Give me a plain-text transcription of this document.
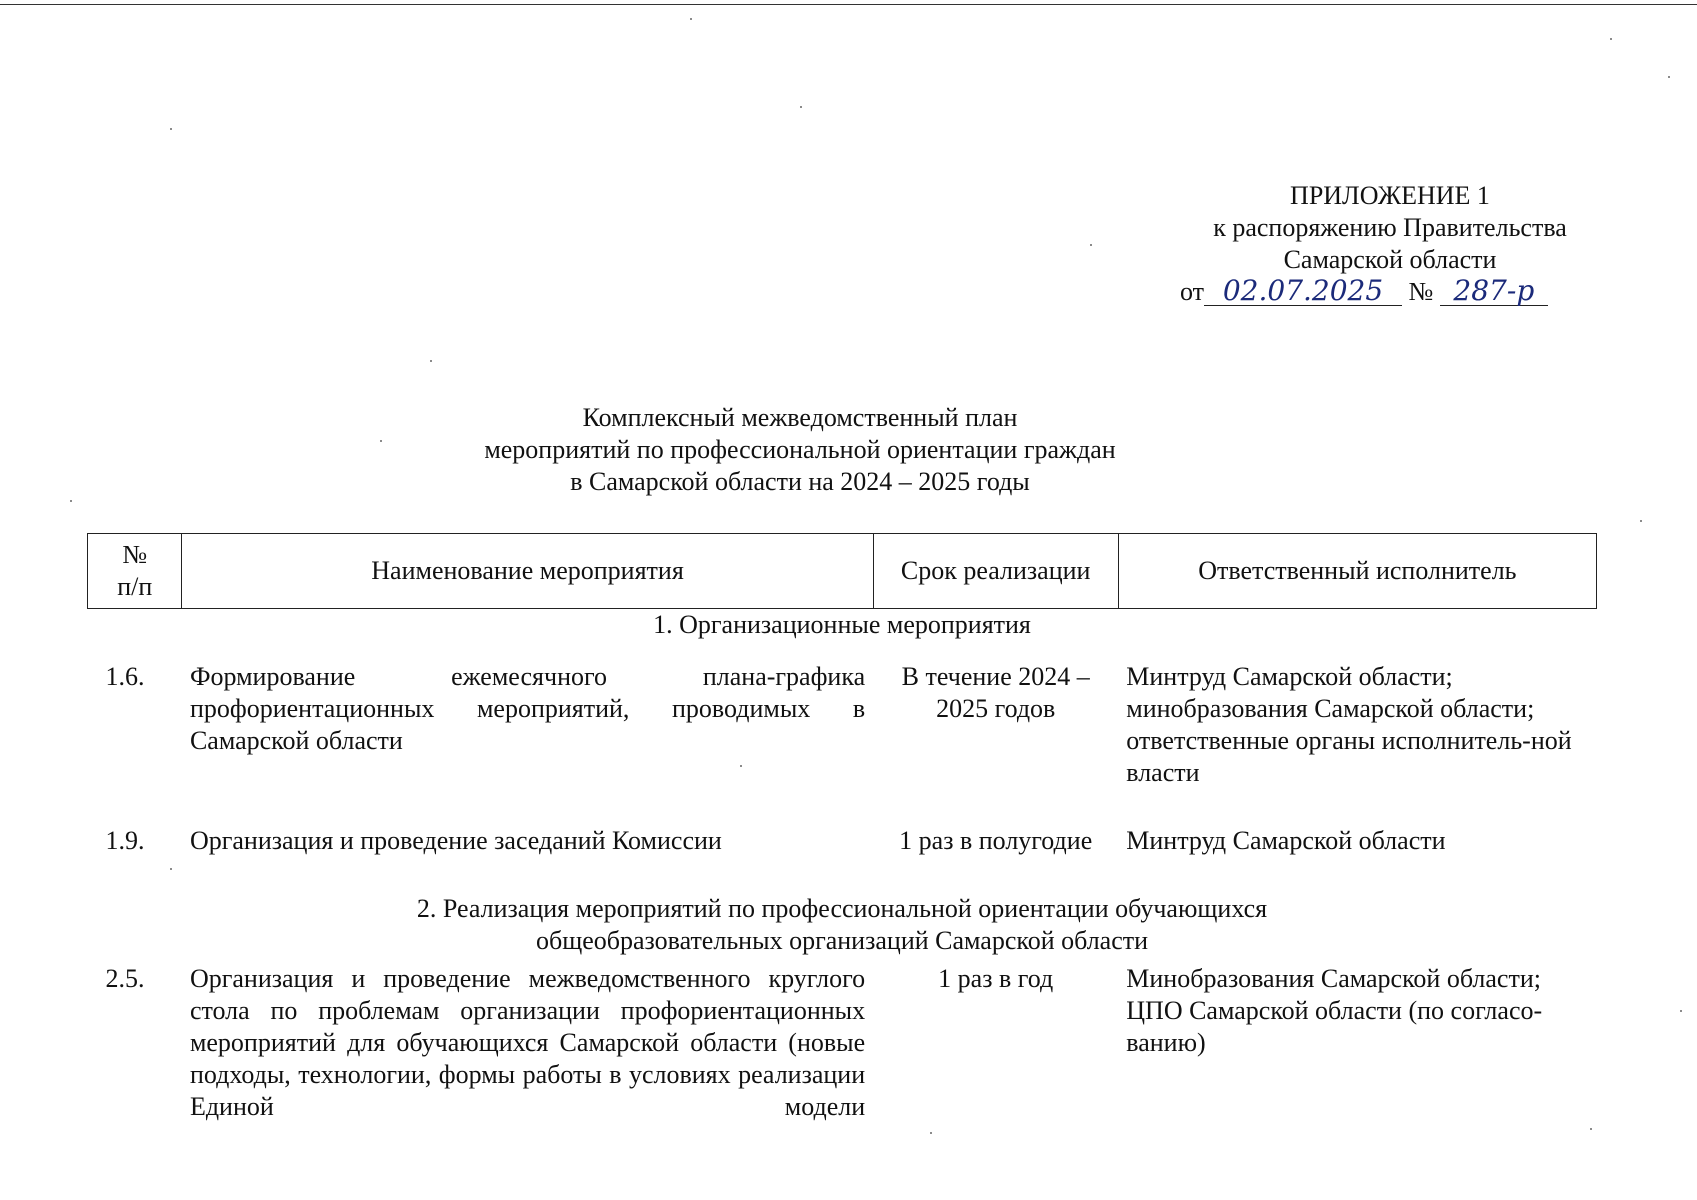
ПРИЛОЖЕНИЕ 1
к распоряжению Правительства
Самарской области
от 02.07.2025 № 287-р
Комплексный межведомственный план
мероприятий по профессиональной ориентации граждан
в Самарской области на 2024 – 2025 годы
№
п/п	Наименование мероприятия	Срок реализации	Ответственный исполнитель
1. Организационные мероприятия			

1.6.	Формирование ежемесячного плана-графика профориентационных мероприятий, проводимых в Самарской области	В течение 2024 – 2025 годов	Минтруд Самарской области; минобразования Самарской области; ответственные органы исполнитель-ной власти

1.9.	Организация и проведение заседаний Комиссии	1 раз в полугодие	Минтруд Самарской области

2. Реализация мероприятий по профессиональной ориентации обучающихся
общеобразовательных организаций Самарской области			

2.5.	Организация и проведение межведомственного круглого стола по проблемам организации профориентационных мероприятий для обучающихся Самарской области (новые подходы, технологии, формы работы в условиях реализации Единой модели	1 раз в год	Минобразования Самарской области; ЦПО Самарской области (по согласо-ванию)
